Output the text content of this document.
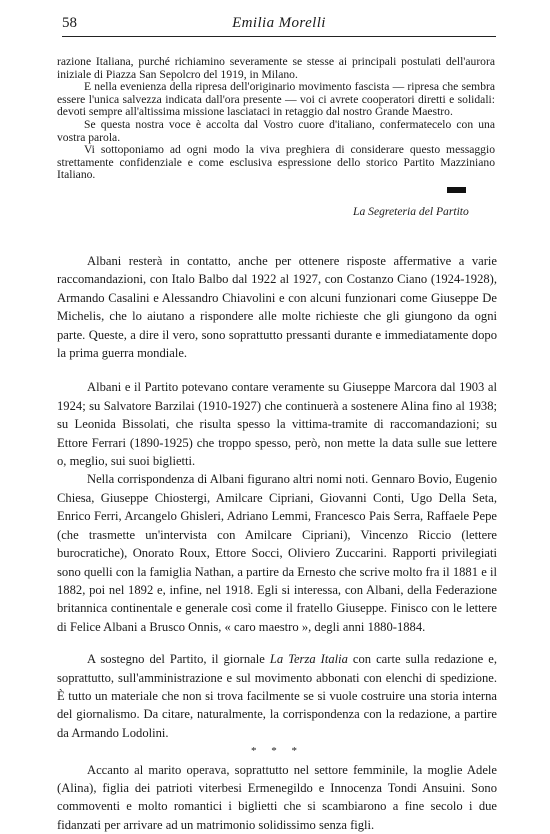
58	Emilia Morelli

razione Italiana, purché richiamino severamente se stesse ai principali postulati dell'aurora iniziale di Piazza San Sepolcro del 1919, in Milano.

E nella evenienza della ripresa dell'originario movimento fascista — ripresa che sembra essere l'unica salvezza indicata dall'ora presente — voi ci avrete cooperatori diretti e solidali: devoti sempre all'altissima missione lasciataci in retaggio dal nostro Grande Maestro.

Se questa nostra voce è accolta dal Vostro cuore d'italiano, confermatecelo con una vostra parola.

Vi sottoponiamo ad ogni modo la viva preghiera di considerare questo messaggio strettamente confidenziale e come esclusiva espressione dello storico Partito Mazziniano Italiano.

La Segreteria del Partito

Albani resterà in contatto, anche per ottenere risposte affermative a varie raccomandazioni, con Italo Balbo dal 1922 al 1927, con Costanzo Ciano (1924-1928), Armando Casalini e Alessandro Chiavolini e con alcuni funzionari come Giuseppe De Michelis, che lo aiutano a rispondere alle molte richieste che gli giungono da ogni parte. Queste, a dire il vero, sono soprattutto pressanti durante e immediatamente dopo la prima guerra mondiale.

Albani e il Partito potevano contare veramente su Giuseppe Marcora dal 1903 al 1924; su Salvatore Barzilai (1910-1927) che continuerà a sostenere Alina fino al 1938; su Leonida Bissolati, che risulta spesso la vittima-tramite di raccomandazioni; su Ettore Ferrari (1890-1925) che troppo spesso, però, non mette la data sulle sue lettere o, meglio, sui suoi biglietti.

Nella corrispondenza di Albani figurano altri nomi noti. Gennaro Bovio, Eugenio Chiesa, Giuseppe Chiostergi, Amilcare Cipriani, Giovanni Conti, Ugo Della Seta, Enrico Ferri, Arcangelo Ghisleri, Adriano Lemmi, Francesco Pais Serra, Raffaele Pepe (che trasmette un'intervista con Amilcare Cipriani), Vincenzo Riccio (lettere burocratiche), Onorato Roux, Ettore Socci, Oliviero Zuccarini. Rapporti privilegiati sono quelli con la famiglia Nathan, a partire da Ernesto che scrive molto fra il 1881 e il 1882, poi nel 1892 e, infine, nel 1918. Egli si interessa, con Albani, della Federazione britannica continentale e generale così come il fratello Giuseppe. Finisco con le lettere di Felice Albani a Brusco Onnis, « caro maestro », degli anni 1880-1884.

A sostegno del Partito, il giornale La Terza Italia con carte sulla redazione e, soprattutto, sull'amministrazione e sul movimento abbonati con elenchi di spedizione. È tutto un materiale che non si trova facilmente se si vuole costruire una storia interna del giornalismo. Da citare, naturalmente, la corrispondenza con la redazione, a partire da Armando Lodolini.

* * *

Accanto al marito operava, soprattutto nel settore femminile, la moglie Adele (Alina), figlia dei patrioti viterbesi Ermenegildo e Innocenza Tondi Ansuini. Sono commoventi e molto romantici i biglietti che si scambiarono a fine secolo i due fidanzati per arrivare ad un matrimonio solidissimo senza figli.
